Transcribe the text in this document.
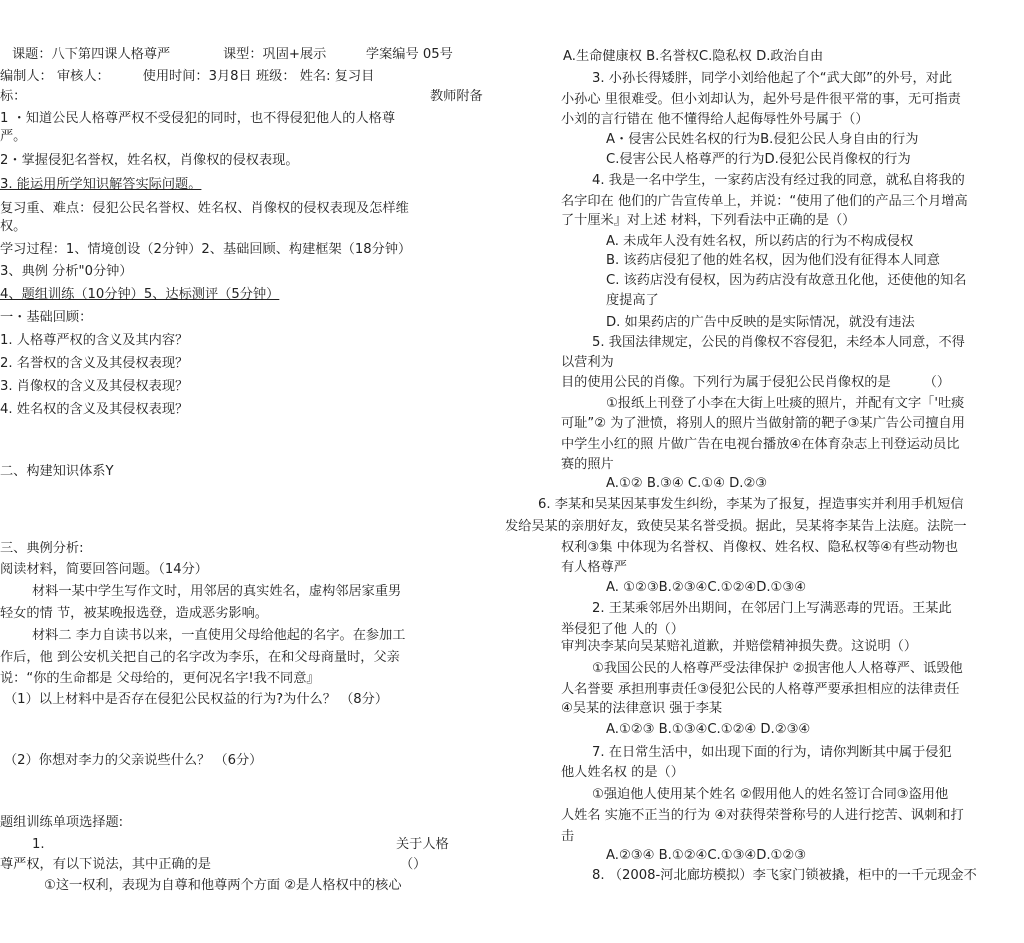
课题：八下第四课人格尊严　　　　课型：巩固+展示　　　学案编号 05号
编制人： 审核人：　　　使用时间：3月8日 班级： 姓名: 复习目
标：	教师附备
1 ・知道公民人格尊严权不受侵犯的同时，也不得侵犯他人的人格尊
严。
2・掌握侵犯名誉权，姓名权，肖像权的侵权表现。
3. 能运用所学知识解答实际问题。
复习重、难点：侵犯公民名誉权、姓名权、肖像权的侵权表现及怎样维
权。
学习过程：1、情境创设（2分钟）2、基础回顾、构建框架（18分钟）
3、典例 分析"0分钟）
4、题组训练（10分钟）5、达标测评（5分钟）
一・基础回顾：
1. 人格尊严权的含义及其内容？
2. 名誉权的含义及其侵权表现？
3. 肖像权的含义及其侵权表现？
4. 姓名权的含义及其侵权表现？
二、构建知识体系Y
三、典例分析:
阅读材料，简要回答问题。（14分）
材料一某中学生写作文时，用邻居的真实姓名，虚构邻居家重男
轻女的情 节，被某晚报选登，造成恶劣影响。
材料二 李力自读书以来，一直使用父母给他起的名字。在参加工
作后，他 到公安机关把自己的名字改为李乐，在和父母商量时，父亲
说：“你的生命都是 父母给的，更何况名字!我不同意』
（1）以上材料中是否存在侵犯公民权益的行为?为什么？ （8分）
（2）你想对李力的父亲说些什么？ （6分）
题组训练单项选择题:
1.	关于人格
尊严权，有以下说法，其中正确的是	（）
①这一权利，表现为自尊和他尊两个方面 ②是人格权中的核心
A.生命健康权 B.名誉权C.隐私权 D.政治自由
3. 小孙长得矮胖，同学小刘给他起了个“武大郎”的外号，对此
小孙心 里很难受。但小刘却认为，起外号是件很平常的事，无可指责
小刘的言行错在 他不懂得给人起侮辱性外号属于（）
A・侵害公民姓名权的行为B.侵犯公民人身自由的行为
C.侵害公民人格尊严的行为D.侵犯公民肖像权的行为
4. 我是一名中学生，一家药店没有经过我的同意，就私自将我的
名字印在 他们的广告宣传单上，并说：“使用了他们的产品三个月增高
了十厘米』对上述 材料，下列看法中正确的是（）
A. 未成年人没有姓名权，所以药店的行为不构成侵权
B. 该药店侵犯了他的姓名权，因为他们没有征得本人同意
C. 该药店没有侵权，因为药店没有故意丑化他，还使他的知名
度提高了
D. 如果药店的广告中反映的是实际情况，就没有违法
5. 我国法律规定，公民的肖像权不容侵犯，未经本人同意，不得
以营利为
目的使用公民的肖像。下列行为属于侵犯公民肖像权的是　　　（）
①报纸上刊登了小李在大街上吐痰的照片，并配有文字「'吐痰
可耻”② 为了泄愤，将别人的照片当做射箭的靶子③某广告公司擅自用
中学生小红的照 片做广告在电视台播放④在体育杂志上刊登运动员比
赛的照片
A.①② B.③④ C.①④ D.②③
6. 李某和吴某因某事发生纠纷，李某为了报复，捏造事实并利用手机短信
发给吴某的亲朋好友，致使吴某名誉受损。据此，吴某将李某告上法庭。法院一
权利③集 中体现为名誉权、肖像权、姓名权、隐私权等④有些动物也
有人格尊严
A. ①②③B.②③④C.①②④D.①③④
2. 王某乘邻居外出期间，在邻居门上写满恶毒的咒语。王某此
举侵犯了他 人的（）
审判决李某向吴某赔礼道歉，并赔偿精神损失费。这说明（）
①我国公民的人格尊严受法律保护 ②损害他人人格尊严、诋毁他
人名誉要 承担刑事责任③侵犯公民的人格尊严要承担相应的法律责任
④吴某的法律意识 强于李某
A.①②③ B.①③④C.①②④ D.②③④
7. 在日常生活中，如出现下面的行为，请你判断其中属于侵犯
他人姓名权 的是（）
①强迫他人使用某个姓名 ②假用他人的姓名签订合同③盗用他
人姓名 实施不正当的行为 ④对获得荣誉称号的人进行挖苦、讽刺和打
击
A.②③④ B.①②④C.①③④D.①②③
8. （2008-河北廊坊模拟）李飞家门锁被撬，柜中的一千元现金不
